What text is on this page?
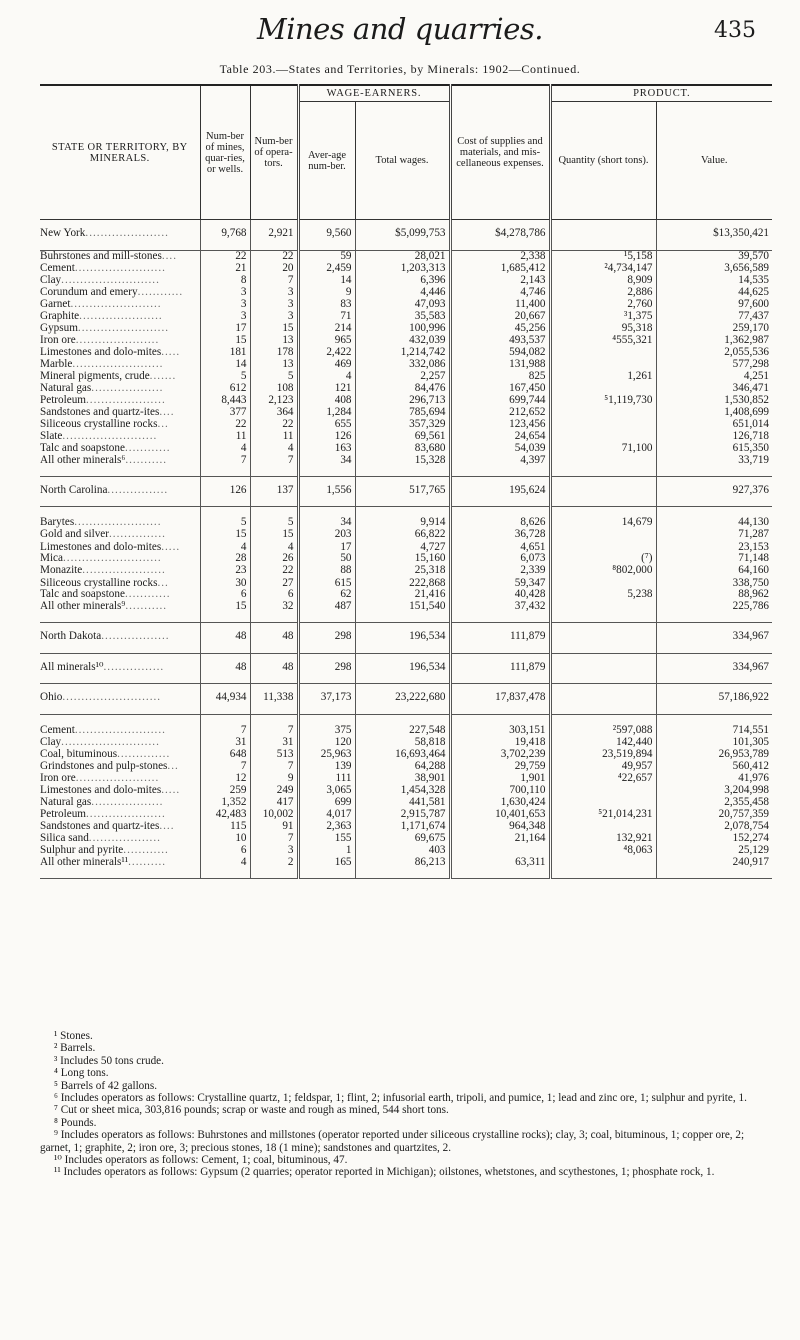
Mines and quarries.	435
Table 203.—States and Territories, by Minerals: 1902—Continued.
STATE OR TERRITORY, BY MINERALS.	Num-ber of mines, quar-ries, or wells.	Num-ber of opera-tors.	WAGE-EARNERS.		Cost of supplies and materials, and mis-cellaneous expenses.	PRODUCT.	
			Aver-age num-ber.	Total wages.		Quantity (short tons).	Value.
New York......................	9,768	2,921	9,560	$5,099,753	$4,278,786		$13,350,421
Buhrstones and mill-stones....	22	22	59	28,021	2,338	¹5,158	39,570
Cement........................	21	20	2,459	1,203,313	1,685,412	²4,734,147	3,656,589
Clay..........................	8	7	14	6,396	2,143	8,909	14,535
Corundum and emery............	3	3	9	4,446	4,746	2,886	44,625
Garnet........................	3	3	83	47,093	11,400	2,760	97,600
Graphite......................	3	3	71	35,583	20,667	³1,375	77,437
Gypsum........................	17	15	214	100,996	45,256	95,318	259,170
Iron ore......................	15	13	965	432,039	493,537	⁴555,321	1,362,987
Limestones and dolo-mites.....	181	178	2,422	1,214,742	594,082		2,055,536
Marble........................	14	13	469	332,086	131,988		577,298
Mineral pigments, crude.......	5	5	4	2,257	825	1,261	4,251
Natural gas...................	612	108	121	84,476	167,450		346,471
Petroleum.....................	8,443	2,123	408	296,713	699,744	⁵1,119,730	1,530,852
Sandstones and quartz-ites....	377	364	1,284	785,694	212,652		1,408,699
Siliceous crystalline rocks...	22	22	655	357,329	123,456		651,014
Slate.........................	11	11	126	69,561	24,654		126,718
Talc and soapstone............	4	4	163	83,680	54,039	71,100	615,350
All other minerals⁶...........	7	7	34	15,328	4,397		33,719
North Carolina................	126	137	1,556	517,765	195,624		927,376
Barytes.......................	5	5	34	9,914	8,626	14,679	44,130
Gold and silver...............	15	15	203	66,822	36,728		71,287
Limestones and dolo-mites.....	4	4	17	4,727	4,651		23,153
Mica..........................	28	26	50	15,160	6,073	(⁷)	71,148
Monazite......................	23	22	88	25,318	2,339	⁸802,000	64,160
Siliceous crystalline rocks...	30	27	615	222,868	59,347		338,750
Talc and soapstone............	6	6	62	21,416	40,428	5,238	88,962
All other minerals⁹...........	15	32	487	151,540	37,432		225,786
North Dakota..................	48	48	298	196,534	111,879		334,967
All minerals¹⁰................	48	48	298	196,534	111,879		334,967
Ohio..........................	44,934	11,338	37,173	23,222,680	17,837,478		57,186,922
Cement........................	7	7	375	227,548	303,151	²597,088	714,551
Clay..........................	31	31	120	58,818	19,418	142,440	101,305
Coal, bituminous..............	648	513	25,963	16,693,464	3,702,239	23,519,894	26,953,789
Grindstones and pulp-stones...	7	7	139	64,288	29,759	49,957	560,412
Iron ore......................	12	9	111	38,901	1,901	⁴22,657	41,976
Limestones and dolo-mites.....	259	249	3,065	1,454,328	700,110		3,204,998
Natural gas...................	1,352	417	699	441,581	1,630,424		2,355,458
Petroleum.....................	42,483	10,002	4,017	2,915,787	10,401,653	⁵21,014,231	20,757,359
Sandstones and quartz-ites....	115	91	2,363	1,171,674	964,348		2,078,754
Silica sand...................	10	7	155	69,675	21,164	132,921	152,274
Sulphur and pyrite............	6	3	1	403		⁴8,063	25,129
All other minerals¹¹..........	4	2	165	86,213	63,311		240,917

¹ Stones.

² Barrels.

³ Includes 50 tons crude.

⁴ Long tons.

⁵ Barrels of 42 gallons.

⁶ Includes operators as follows: Crystalline quartz, 1; feldspar, 1; flint, 2; infusorial earth, tripoli, and pumice, 1; lead and zinc ore, 1; sulphur and pyrite, 1.

⁷ Cut or sheet mica, 303,816 pounds; scrap or waste and rough as mined, 544 short tons.

⁸ Pounds.

⁹ Includes operators as follows: Buhrstones and millstones (operator reported under siliceous crystalline rocks); clay, 3; coal, bituminous, 1; copper ore, 2; garnet, 1; graphite, 2; iron ore, 3; precious stones, 18 (1 mine); sandstones and quartzites, 2.

¹⁰ Includes operators as follows: Cement, 1; coal, bituminous, 47.

¹¹ Includes operators as follows: Gypsum (2 quarries; operator reported in Michigan); oilstones, whetstones, and scythestones, 1; phosphate rock, 1.
